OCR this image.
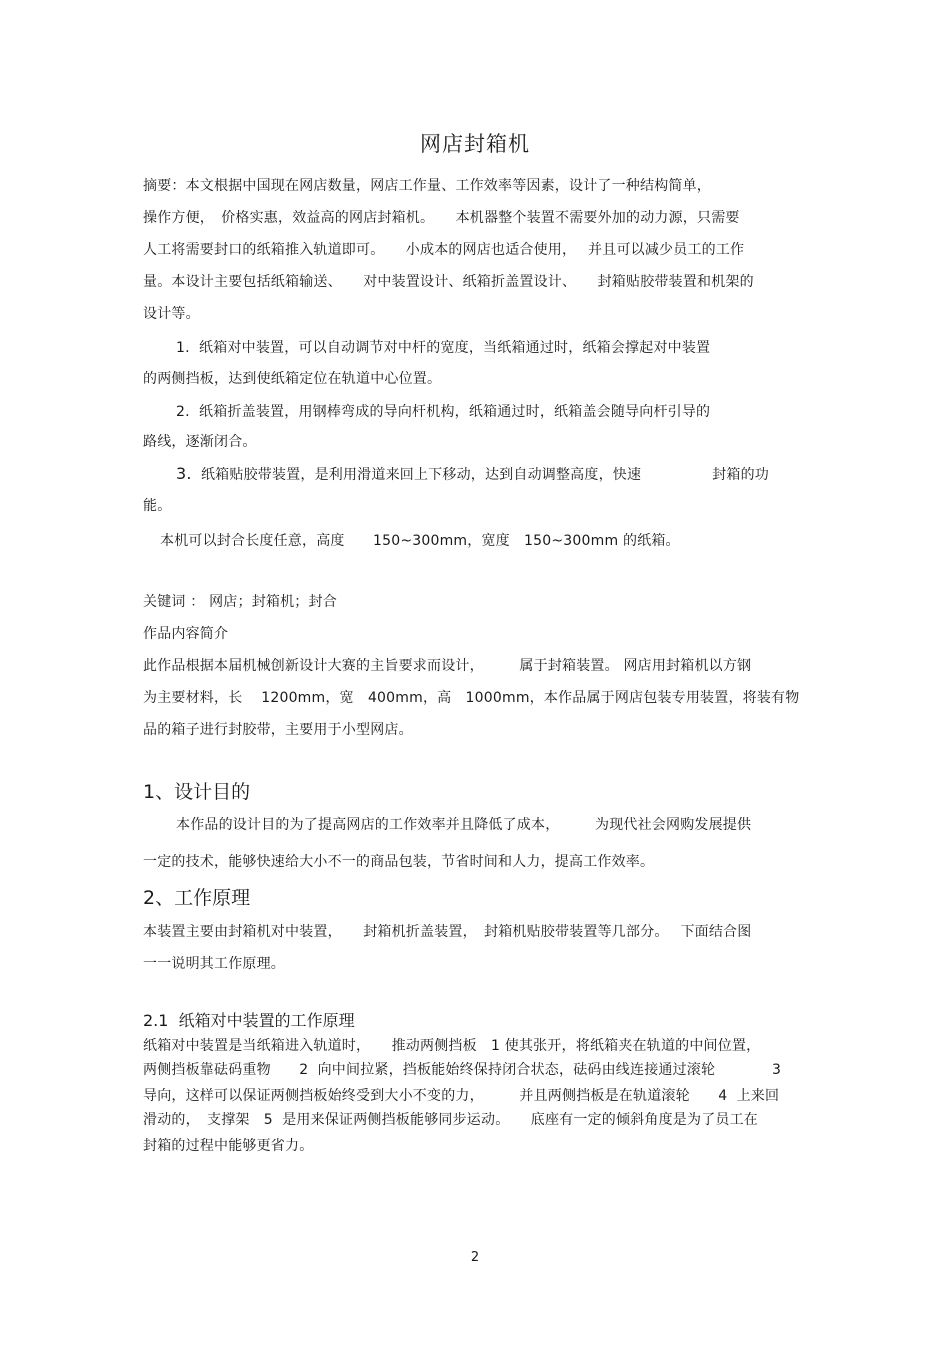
网店封箱机
摘要：本文根据中国现在网店数量，网店工作量、工作效率等因素，设计了一种结构简单，
操作方便，　价格实惠，效益高的网店封箱机。　　本机器整个装置不需要外加的动力源，只需要
人工将需要封口的纸箱推入轨道即可。　　小成本的网店也适合使用，　 并且可以减少员工的工作
量。本设计主要包括纸箱输送、　　对中装置设计、纸箱折盖置设计、　　封箱贴胶带装置和机架的
设计等。
1.  纸箱对中装置，可以自动调节对中杆的宽度，当纸箱通过时，纸箱会撑起对中装置
的两侧挡板，达到使纸箱定位在轨道中心位置。
2.  纸箱折盖装置，用钢棒弯成的导向杆机构，纸箱通过时，纸箱盖会随导向杆引导的
路线，逐渐闭合。
3.  纸箱贴胶带装置，是利用滑道来回上下移动，达到自动调整高度，快速　　　　　封箱的功
能。
本机可以封合长度任意，高度　　150~300mm，宽度　150~300mm 的纸箱。
关键词 ： 网店；封箱机；封合
作品内容简介
此作品根据本届机械创新设计大赛的主旨要求而设计，　　　属于封箱装置。 网店用封箱机以方钢
为主要材料，长　 1200mm，宽　400mm，高　1000mm，本作品属于网店包装专用装置，将装有物
品的箱子进行封胶带，主要用于小型网店。
1、设计目的
本作品的设计目的为了提高网店的工作效率并且降低了成本，　　　为现代社会网购发展提供
一定的技术，能够快速给大小不一的商品包装，节省时间和人力，提高工作效率。
2、工作原理
本装置主要由封箱机对中装置，　　封箱机折盖装置，　封箱机贴胶带装置等几部分。　 下面结合图
一一说明其工作原理。
2.1  纸箱对中装置的工作原理
纸箱对中装置是当纸箱进入轨道时，　　推动两侧挡板　1 使其张开，将纸箱夹在轨道的中间位置，
两侧挡板靠砝码重物　　2  向中间拉紧，挡板能始终保持闭合状态，砝码由线连接通过滚轮　　　　3
导向，这样可以保证两侧挡板始终受到大小不变的力，　　　并且两侧挡板是在轨道滚轮　　4  上来回
滑动的，　支撑架　5  是用来保证两侧挡板能够同步运动。　　底座有一定的倾斜角度是为了员工在
封箱的过程中能够更省力。
2
